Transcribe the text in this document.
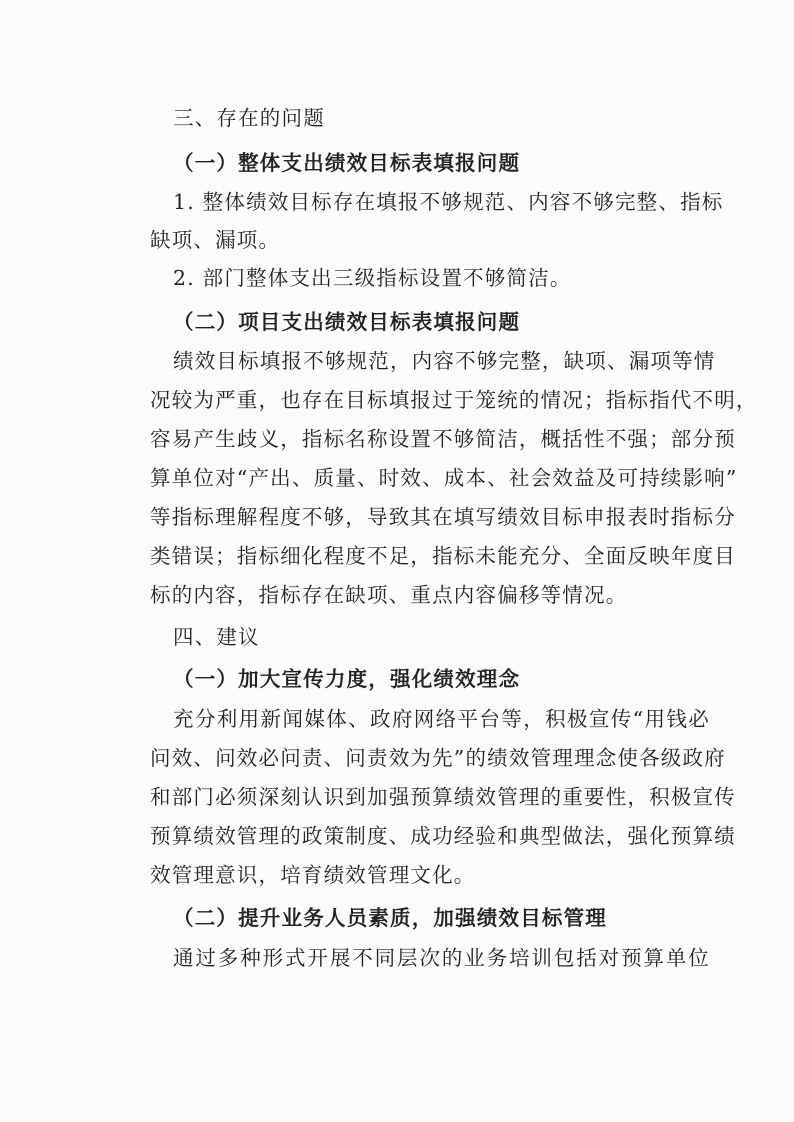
三、存在的问题
（一）整体支出绩效目标表填报问题
1. 整体绩效目标存在填报不够规范、内容不够完整、指标
缺项、漏项。
2. 部门整体支出三级指标设置不够简洁。
（二）项目支出绩效目标表填报问题
绩效目标填报不够规范，内容不够完整，缺项、漏项等情
况较为严重，也存在目标填报过于笼统的情况；指标指代不明，
容易产生歧义，指标名称设置不够简洁，概括性不强；部分预
算单位对“产出、质量、时效、成本、社会效益及可持续影响”
等指标理解程度不够，导致其在填写绩效目标申报表时指标分
类错误；指标细化程度不足，指标未能充分、全面反映年度目
标的内容，指标存在缺项、重点内容偏移等情况。
四、建议
（一）加大宣传力度，强化绩效理念
充分利用新闻媒体、政府网络平台等，积极宣传“用钱必
问效、问效必问责、问责效为先”的绩效管理理念使各级政府
和部门必须深刻认识到加强预算绩效管理的重要性，积极宣传
预算绩效管理的政策制度、成功经验和典型做法，强化预算绩
效管理意识，培育绩效管理文化。
（二）提升业务人员素质，加强绩效目标管理
通过多种形式开展不同层次的业务培训包括对预算单位
